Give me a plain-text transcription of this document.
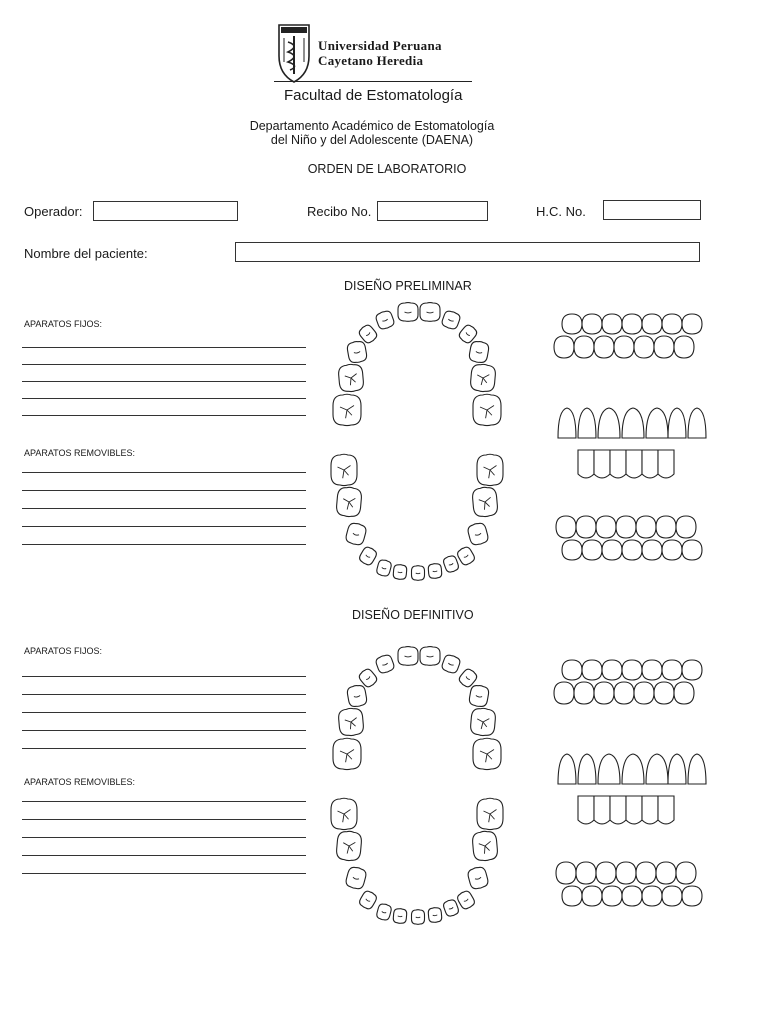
Universidad Peruana
Cayetano Heredia
Facultad de Estomatología
Departamento Académico de Estomatología
del Niño y del Adolescente (DAENA)
ORDEN DE LABORATORIO
Operador:	Recibo No.	H.C. No.
Nombre del paciente:
DISEÑO PRELIMINAR
APARATOS FIJOS:
APARATOS REMOVIBLES:
DISEÑO DEFINITIVO
APARATOS FIJOS:
APARATOS REMOVIBLES:
